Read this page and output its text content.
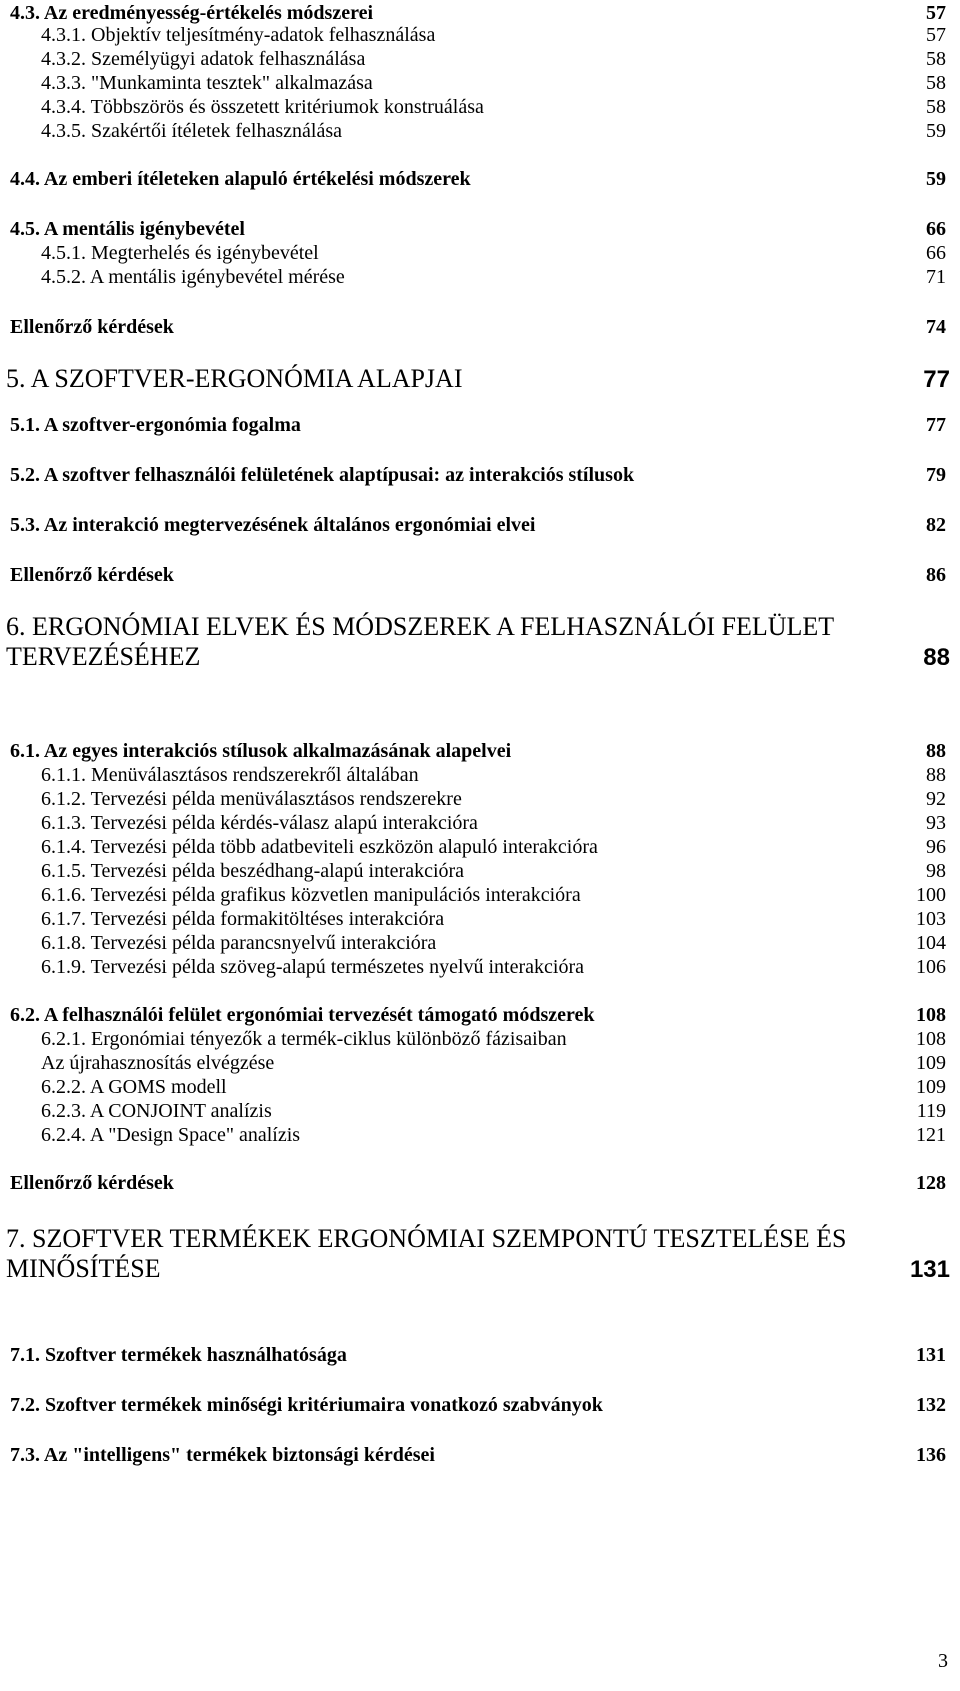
4.3. Az eredményesség-értékelés módszerei	57
4.3.1. Objektív teljesítmény-adatok felhasználása	57
4.3.2. Személyügyi adatok felhasználása	58
4.3.3. "Munkaminta tesztek" alkalmazása	58
4.3.4. Többszörös és összetett kritériumok konstruálása	58
4.3.5. Szakértői ítéletek felhasználása	59
4.4. Az emberi ítéleteken alapuló értékelési módszerek	59
4.5. A mentális igénybevétel	66
4.5.1. Megterhelés és igénybevétel	66
4.5.2. A mentális igénybevétel mérése	71
Ellenőrző kérdések	74
5. A SZOFTVER-ERGONÓMIA ALAPJAI	77
5.1. A szoftver-ergonómia fogalma	77
5.2. A szoftver felhasználói felületének alaptípusai: az interakciós stílusok	79
5.3. Az interakció megtervezésének általános ergonómiai elvei	82
Ellenőrző kérdések	86
6. ERGONÓMIAI ELVEK ÉS MÓDSZEREK A FELHASZNÁLÓI FELÜLET TERVEZÉSÉHEZ	88
6.1. Az egyes interakciós stílusok alkalmazásának alapelvei	88
6.1.1. Menüválasztásos rendszerekről általában	88
6.1.2. Tervezési példa menüválasztásos rendszerekre	92
6.1.3. Tervezési példa kérdés-válasz alapú interakcióra	93
6.1.4. Tervezési példa több adatbeviteli eszközön alapuló interakcióra	96
6.1.5. Tervezési példa beszédhang-alapú interakcióra	98
6.1.6. Tervezési példa grafikus közvetlen manipulációs interakcióra	100
6.1.7. Tervezési példa formakitöltéses interakcióra	103
6.1.8. Tervezési példa parancsnyelvű interakcióra	104
6.1.9. Tervezési példa szöveg-alapú természetes nyelvű interakcióra	106
6.2. A felhasználói felület ergonómiai tervezését támogató módszerek	108
6.2.1. Ergonómiai tényezők a termék-ciklus különböző fázisaiban	108
Az újrahasznosítás elvégzése	109
6.2.2. A GOMS modell	109
6.2.3. A CONJOINT analízis	119
6.2.4. A "Design Space" analízis	121
Ellenőrző kérdések	128
7. SZOFTVER TERMÉKEK ERGONÓMIAI SZEMPONTÚ TESZTELÉSE ÉS MINŐSÍTÉSE	131
7.1. Szoftver termékek használhatósága	131
7.2. Szoftver termékek minőségi kritériumaira vonatkozó szabványok	132
7.3. Az "intelligens" termékek biztonsági kérdései	136
3
